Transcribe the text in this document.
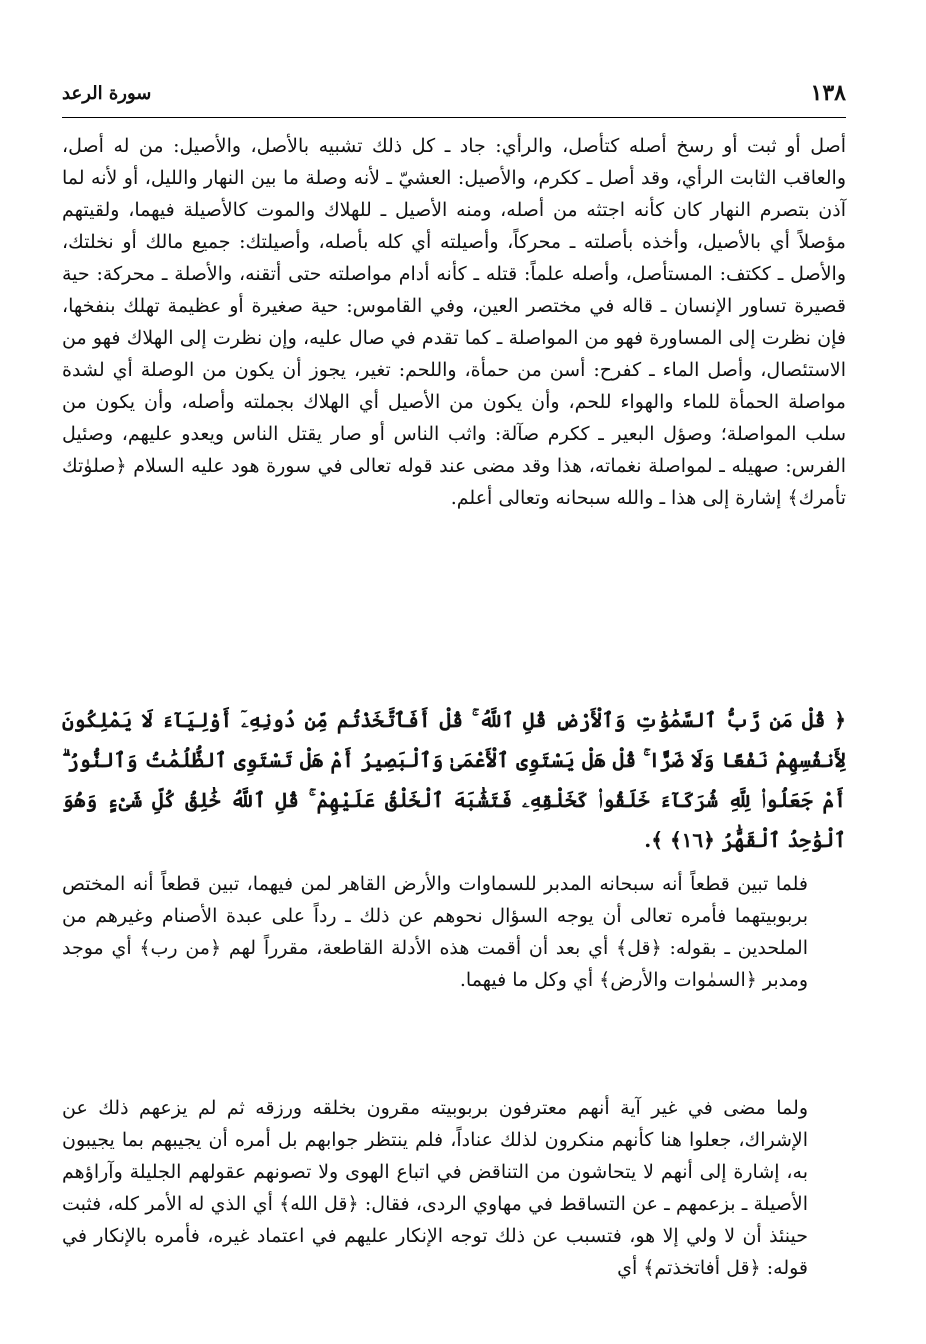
١٣٨
سورة الرعد

أصل أو ثبت أو رسخ أصله كتأصل، والرأي: جاد ـ كل ذلك تشبيه بالأصل، والأصيل: من له أصل، والعاقب الثابت الرأي، وقد أصل ـ ككرم، والأصيل: العشيّ ـ لأنه وصلة ما بين النهار والليل، أو لأنه لما آذن بتصرم النهار كان كأنه اجتثه من أصله، ومنه الأصيل ـ للهلاك والموت كالأصيلة فيهما، ولقيتهم مؤصلاً أي بالأصيل، وأخذه بأصلته ـ محركاً، وأصيلته أي كله بأصله، وأصيلتك: جميع مالك أو نخلتك، والأصل ـ ككتف: المستأصل، وأصله علماً: قتله ـ كأنه أدام مواصلته حتى أتقنه، والأصلة ـ محركة: حية قصيرة تساور الإنسان ـ قاله في مختصر العين، وفي القاموس: حية صغيرة أو عظيمة تهلك بنفخها، فإن نظرت إلى المساورة فهو من المواصلة ـ كما تقدم في صال عليه، وإن نظرت إلى الهلاك فهو من الاستئصال، وأصل الماء ـ كفرح: أسن من حمأة، واللحم: تغير، يجوز أن يكون من الوصلة أي لشدة مواصلة الحمأة للماء والهواء للحم، وأن يكون من الأصيل أي الهلاك بجملته وأصله، وأن يكون من سلب المواصلة؛ وصؤل البعير ـ ككرم صآلة: واثب الناس أو صار يقتل الناس ويعدو عليهم، وصئيل الفرس: صهيله ـ لمواصلة نغماته، هذا وقد مضى عند قوله تعالى في سورة هود عليه السلام ﴿صلوٰتك تأمرك﴾ إشارة إلى هذا ـ والله سبحانه وتعالى أعلم.

﴿ قُلْ مَن رَّبُّ ٱلسَّمَٰوَٰتِ وَٱلْأَرْضِ قُلِ ٱللَّهُ ۚ قُلْ أَفَٱتَّخَذْتُم مِّن دُونِهِۦٓ أَوْلِيَآءَ لَا يَمْلِكُونَ لِأَنفُسِهِمْ نَفْعًا وَلَا ضَرًّا ۚ قُلْ هَلْ يَسْتَوِى ٱلْأَعْمَىٰ وَٱلْبَصِيرُ أَمْ هَلْ تَسْتَوِى ٱلظُّلُمَٰتُ وَٱلنُّورُ ۗ أَمْ جَعَلُوا۟ لِلَّهِ شُرَكَآءَ خَلَقُوا۟ كَخَلْقِهِۦ فَتَشَٰبَهَ ٱلْخَلْقُ عَلَيْهِمْ ۚ قُلِ ٱللَّهُ خَٰلِقُ كُلِّ شَىْءٍ وَهُوَ ٱلْوَٰحِدُ ٱلْقَهَّٰرُ ﴿١٦﴾ ﴾.

فلما تبين قطعاً أنه سبحانه المدبر للسماوات والأرض القاهر لمن فيهما، تبين قطعاً أنه المختص بربوبيتهما فأمره تعالى أن يوجه السؤال نحوهم عن ذلك ـ رداً على عبدة الأصنام وغيرهم من الملحدين ـ بقوله: ﴿قل﴾ أي بعد أن أقمت هذه الأدلة القاطعة، مقرراً لهم ﴿من رب﴾ أي موجد ومدبر ﴿السمٰوات والأرض﴾ أي وكل ما فيهما.

ولما مضى في غير آية أنهم معترفون بربوبيته مقرون بخلقه ورزقه ثم لم يزعهم ذلك عن الإشراك، جعلوا هنا كأنهم منكرون لذلك عناداً، فلم ينتظر جوابهم بل أمره أن يجيبهم بما يجيبون به، إشارة إلى أنهم لا يتحاشون من التناقض في اتباع الهوى ولا تصونهم عقولهم الجليلة وآراؤهم الأصيلة ـ بزعمهم ـ عن التساقط في مهاوي الردى، فقال: ﴿قل الله﴾ أي الذي له الأمر كله، فثبت حينئذ أن لا ولي إلا هو، فتسبب عن ذلك توجه الإنكار عليهم في اعتماد غيره، فأمره بالإنكار في قوله: ﴿قل أفاتخذتم﴾ أي
